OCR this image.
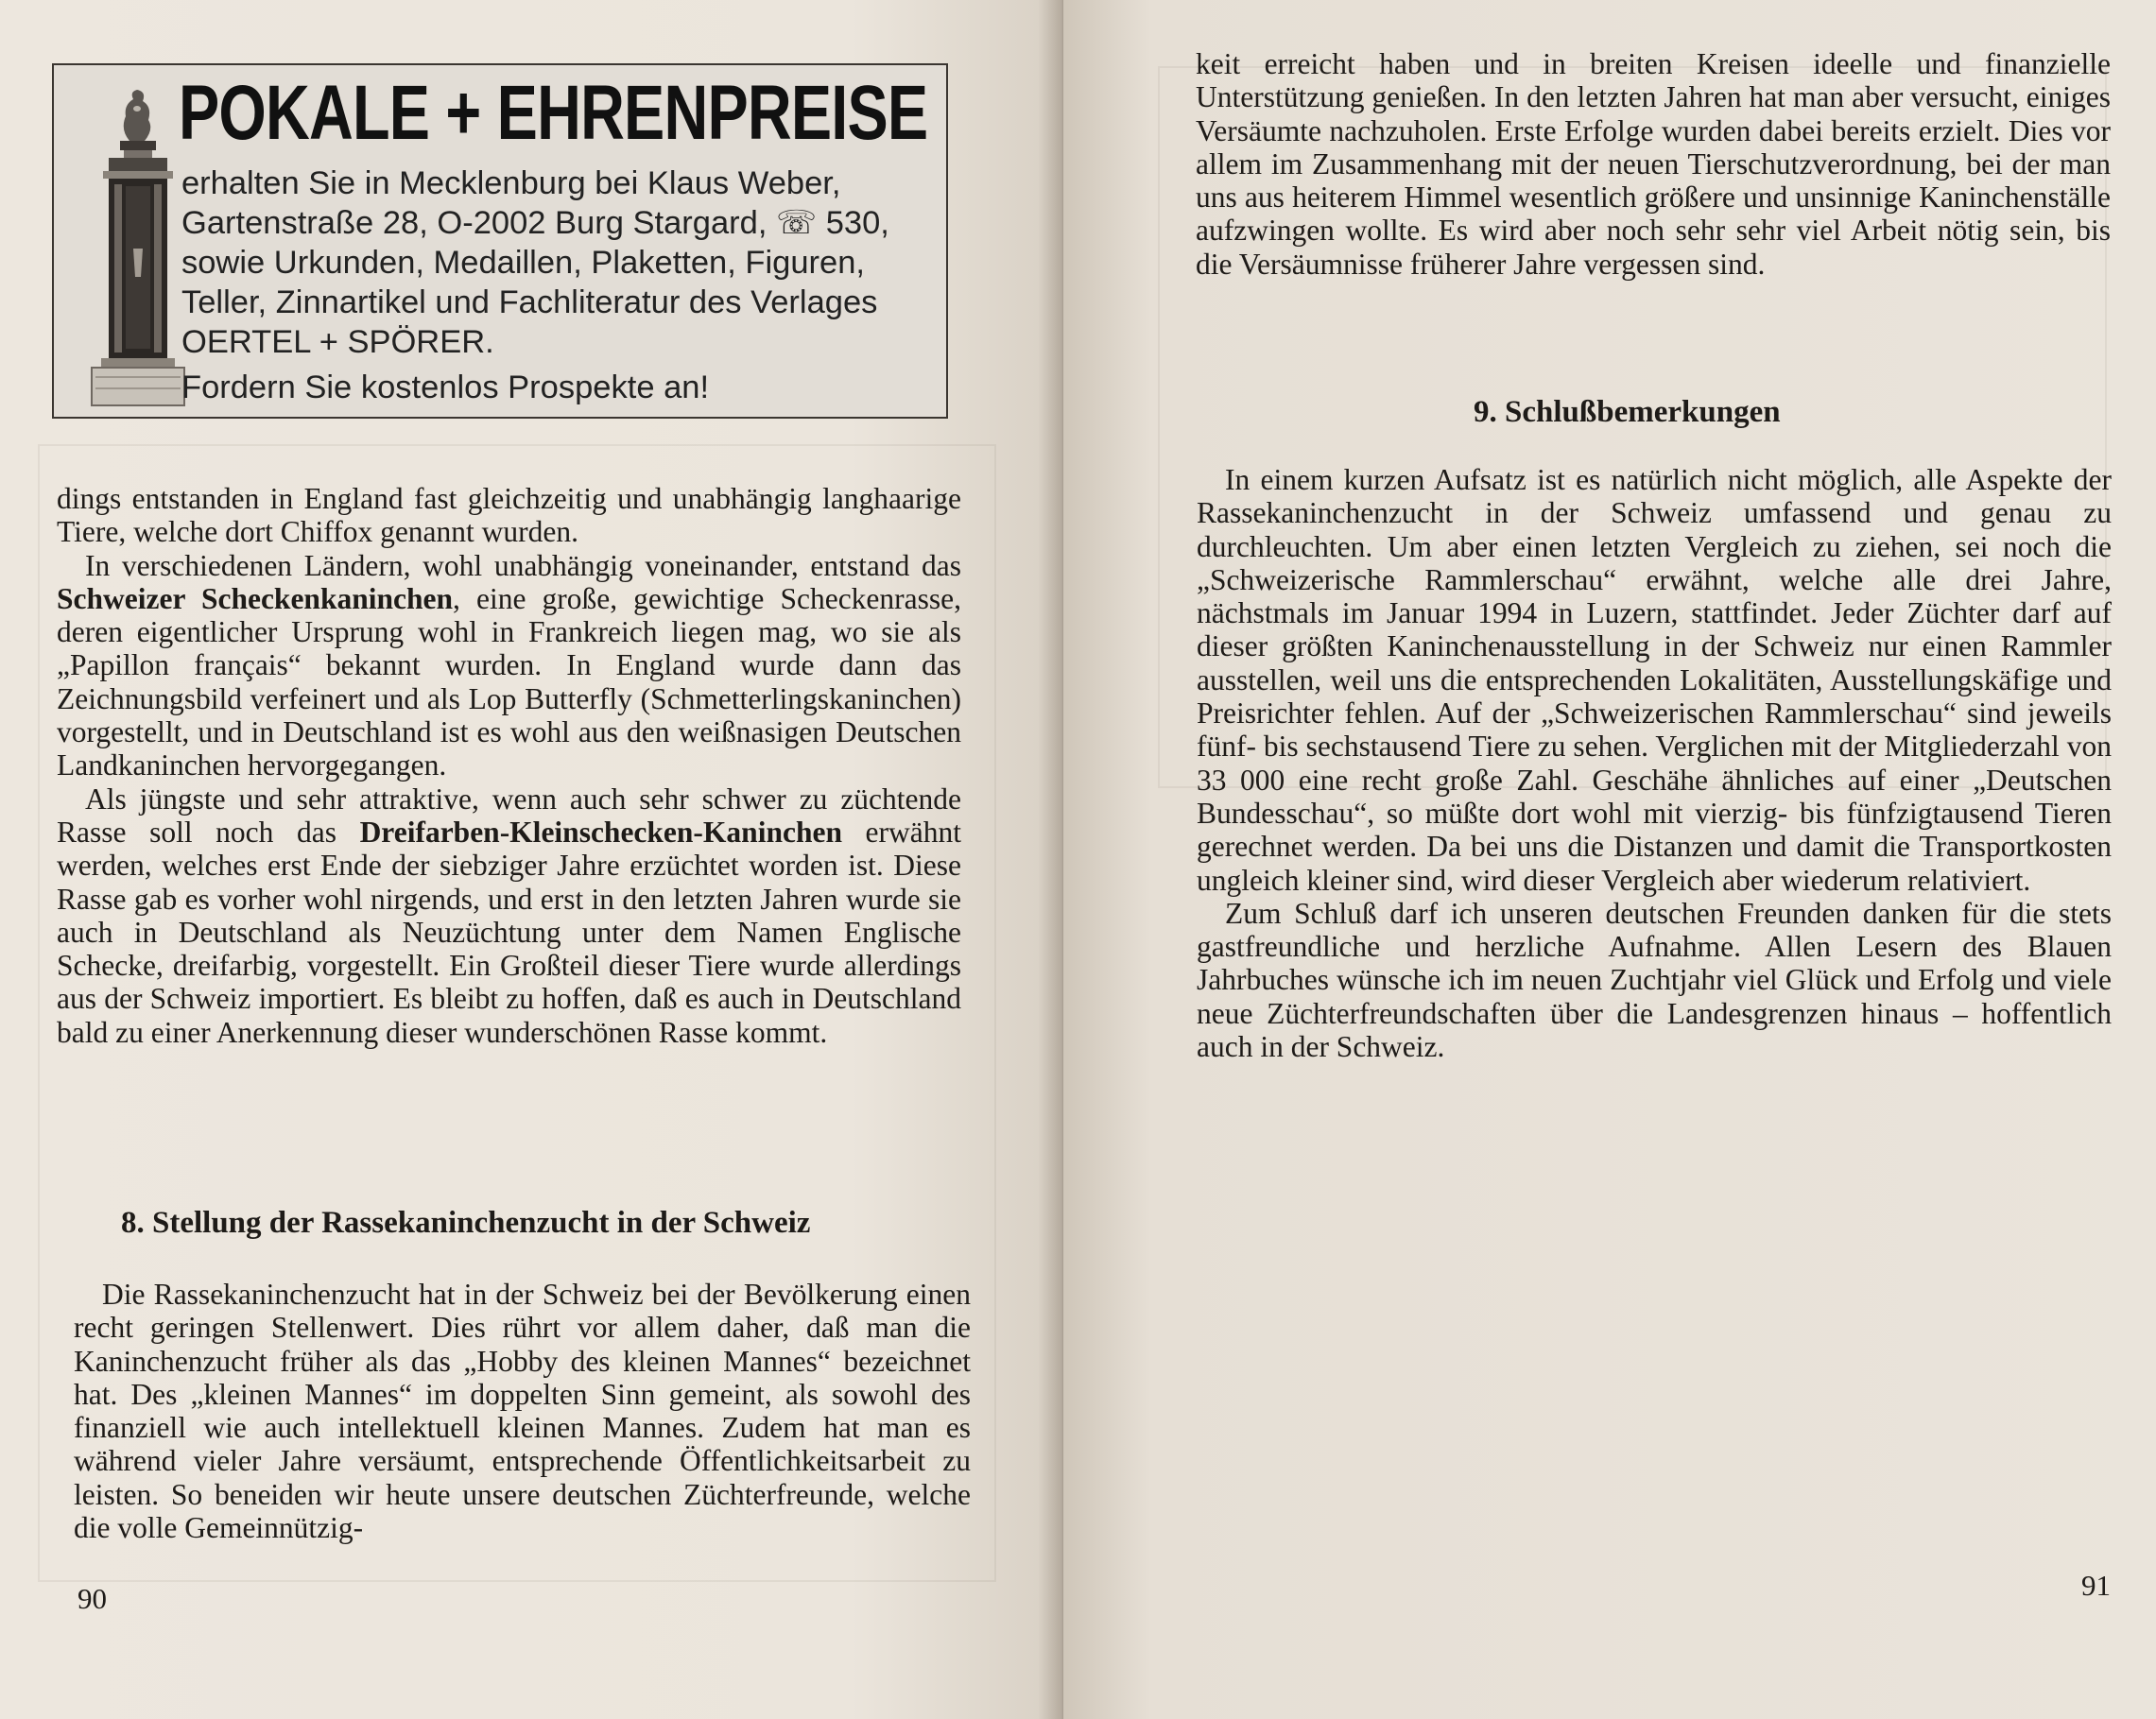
POKALE + EHRENPREISE
erhalten Sie in Mecklenburg bei Klaus Weber,
Gartenstraße 28, O-2002 Burg Stargard, ☏ 530,
sowie Urkunden, Medaillen, Plaketten, Figuren,
Teller, Zinnartikel und Fachliteratur des Verlages
OERTEL + SPÖRER.
Fordern Sie kostenlos Prospekte an!

dings entstanden in England fast gleichzeitig und unabhängig langhaarige Tiere, welche dort Chiffox genannt wurden.

In verschiedenen Ländern, wohl unabhängig voneinander, entstand das Schweizer Scheckenkaninchen, eine große, gewichtige Scheckenrasse, deren eigentlicher Ursprung wohl in Frankreich liegen mag, wo sie als „Papillon français“ bekannt wurden. In England wurde dann das Zeichnungsbild verfeinert und als Lop Butterfly (Schmetterlingskaninchen) vorgestellt, und in Deutschland ist es wohl aus den weißnasigen Deutschen Landkaninchen hervorgegangen.

Als jüngste und sehr attraktive, wenn auch sehr schwer zu züchtende Rasse soll noch das Dreifarben-Kleinschecken-Kaninchen erwähnt werden, welches erst Ende der siebziger Jahre erzüchtet worden ist. Diese Rasse gab es vorher wohl nirgends, und erst in den letzten Jahren wurde sie auch in Deutschland als Neuzüchtung unter dem Namen Englische Schecke, dreifarbig, vorgestellt. Ein Großteil dieser Tiere wurde allerdings aus der Schweiz importiert. Es bleibt zu hoffen, daß es auch in Deutschland bald zu einer Anerkennung dieser wunderschönen Rasse kommt.

8. Stellung der Rassekaninchenzucht in der Schweiz

Die Rassekaninchenzucht hat in der Schweiz bei der Bevölkerung einen recht geringen Stellenwert. Dies rührt vor allem daher, daß man die Kaninchenzucht früher als das „Hobby des kleinen Mannes“ bezeichnet hat. Des „kleinen Mannes“ im doppelten Sinn gemeint, als sowohl des finanziell wie auch intellektuell kleinen Mannes. Zudem hat man es während vieler Jahre versäumt, entsprechende Öffentlichkeitsarbeit zu leisten. So beneiden wir heute unsere deutschen Züchterfreunde, welche die volle Gemeinnützig-

90

keit erreicht haben und in breiten Kreisen ideelle und finanzielle Unterstützung genießen. In den letzten Jahren hat man aber versucht, einiges Versäumte nachzuholen. Erste Erfolge wurden dabei bereits erzielt. Dies vor allem im Zusammenhang mit der neuen Tierschutzverordnung, bei der man uns aus heiterem Himmel wesentlich größere und unsinnige Kaninchenställe aufzwingen wollte. Es wird aber noch sehr sehr viel Arbeit nötig sein, bis die Versäumnisse früherer Jahre vergessen sind.

9. Schlußbemerkungen

In einem kurzen Aufsatz ist es natürlich nicht möglich, alle Aspekte der Rassekaninchenzucht in der Schweiz umfassend und genau zu durchleuchten. Um aber einen letzten Vergleich zu ziehen, sei noch die „Schweizerische Rammlerschau“ erwähnt, welche alle drei Jahre, nächstmals im Januar 1994 in Luzern, stattfindet. Jeder Züchter darf auf dieser größten Kaninchenausstellung in der Schweiz nur einen Rammler ausstellen, weil uns die entsprechenden Lokalitäten, Ausstellungskäfige und Preisrichter fehlen. Auf der „Schweizerischen Rammlerschau“ sind jeweils fünf- bis sechstausend Tiere zu sehen. Verglichen mit der Mitgliederzahl von 33 000 eine recht große Zahl. Geschähe ähnliches auf einer „Deutschen Bundesschau“, so müßte dort wohl mit vierzig- bis fünfzigtausend Tieren gerechnet werden. Da bei uns die Distanzen und damit die Transportkosten ungleich kleiner sind, wird dieser Vergleich aber wiederum relativiert.

Zum Schluß darf ich unseren deutschen Freunden danken für die stets gastfreundliche und herzliche Aufnahme. Allen Lesern des Blauen Jahrbuches wünsche ich im neuen Zuchtjahr viel Glück und Erfolg und viele neue Züchterfreundschaften über die Landesgrenzen hinaus – hoffentlich auch in der Schweiz.

91
